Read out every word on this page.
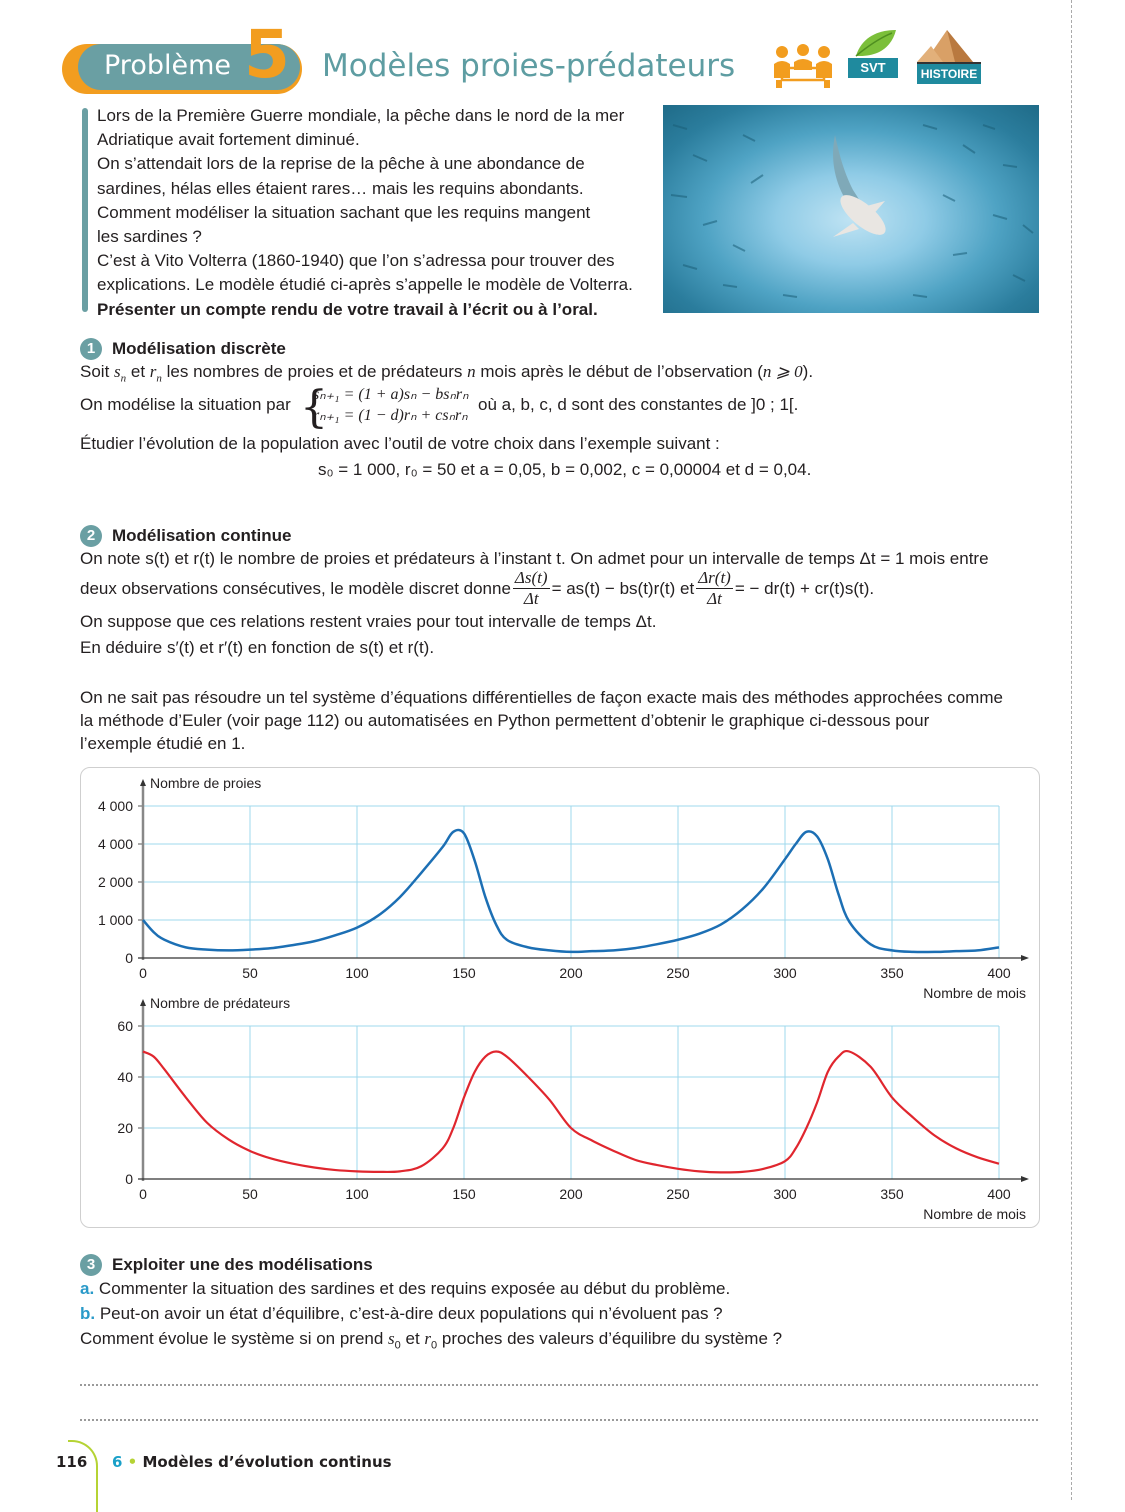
Problème 5 Modèles proies-prédateurs	SVT	HISTOIRE

Lors de la Première Guerre mondiale, la pêche dans le nord de la mer

Adriatique avait fortement diminué.

On s’attendait lors de la reprise de la pêche à une abondance de

sardines, hélas elles étaient rares… mais les requins abondants.

Comment modéliser la situation sachant que les requins mangent

les sardines ?

C’est à Vito Volterra (1860-1940) que l’on s’adressa pour trouver des

explications. Le modèle étudié ci-après s’appelle le modèle de Volterra.

Présenter un compte rendu de votre travail à l’écrit ou à l’oral.

1 Modélisation discrète
Soit $s_n$ et $r_n$ les nombres de proies et de prédateurs n mois après le début de l’observation (n ⩾ 0).
On modélise la situation par {
sₙ₊₁ = (1 + a)sₙ − bsₙrₙ
rₙ₊₁ = (1 − d)rₙ + csₙrₙ
où a, b, c, d sont des constantes de ]0 ; 1[.
Étudier l’évolution de la population avec l’outil de votre choix dans l’exemple suivant :
s₀ = 1 000, r₀ = 50 et a = 0,05, b = 0,002, c = 0,00004 et d = 0,04.
2 Modélisation continue
On note s(t) et r(t) le nombre de proies et prédateurs à l’instant t. On admet pour un intervalle de temps Δt = 1 mois entre
deux observations consécutives, le modèle discret donne $\frac{\Delta s(t)}{\Delta t} = as(t) - bs(t)r(t)$ et $\frac{\Delta r(t)}{\Delta t}$ = − dr(t) + cr(t)s(t).
On suppose que ces relations restent vraies pour tout intervalle de temps Δt.
En déduire s′(t) et r′(t) en fonction de s(t) et r(t).
On ne sait pas résoudre un tel système d’équations différentielles de façon exacte mais des méthodes approchées comme
la méthode d’Euler (voir page 112) ou automatisées en Python permettent d’obtenir le graphique ci-dessous pour
l’exemple étudié en 1.
0	50	100	150	200	250	300	350	400
0
1 000
2 000
4 000
4 000
Nombre de proies
Nombre de mois
0	50	100	150	200	250	300	350	400
0
20
40
60
Nombre de prédateurs
Nombre de mois
3 Exploiter une des modélisations
a. Commenter la situation des sardines et des requins exposée au début du problème.
b. Peut-on avoir un état d’équilibre, c’est-à-dire deux populations qui n’évoluent pas ?
Comment évolue le système si on prend $s_0$ et $r_0$ proches des valeurs d’équilibre du système ?
116 6 • Modèles d’évolution continus
